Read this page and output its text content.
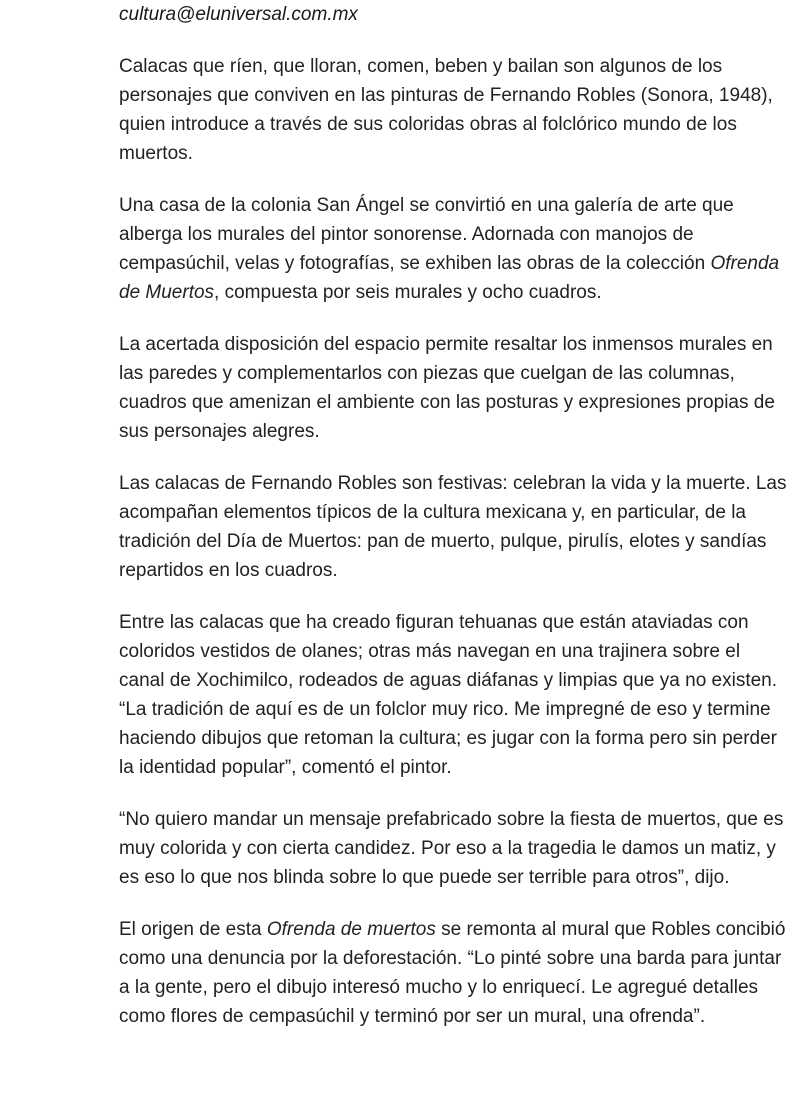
cultura@eluniversal.com.mx

Calacas que ríen, que lloran, comen, beben y bailan son algunos de los personajes que conviven en las pinturas de Fernando Robles (Sonora, 1948), quien introduce a través de sus coloridas obras al folclórico mundo de los muertos.

Una casa de la colonia San Ángel se convirtió en una galería de arte que alberga los murales del pintor sonorense. Adornada con manojos de cempasúchil, velas y fotografías, se exhiben las obras de la colección Ofrenda de Muertos, compuesta por seis murales y ocho cuadros.

La acertada disposición del espacio permite resaltar los inmensos murales en las paredes y complementarlos con piezas que cuelgan de las columnas, cuadros que amenizan el ambiente con las posturas y expresiones propias de sus personajes alegres.

Las calacas de Fernando Robles son festivas: celebran la vida y la muerte. Las acompañan elementos típicos de la cultura mexicana y, en particular, de la tradición del Día de Muertos: pan de muerto, pulque, pirulís, elotes y sandías repartidos en los cuadros.

Entre las calacas que ha creado figuran tehuanas que están ataviadas con coloridos vestidos de olanes; otras más navegan en una trajinera sobre el canal de Xochimilco, rodeados de aguas diáfanas y limpias que ya no existen. “La tradición de aquí es de un folclor muy rico. Me impregné de eso y termine haciendo dibujos que retoman la cultura; es jugar con la forma pero sin perder la identidad popular”, comentó el pintor.

“No quiero mandar un mensaje prefabricado sobre la fiesta de muertos, que es muy colorida y con cierta candidez. Por eso a la tragedia le damos un matiz, y es eso lo que nos blinda sobre lo que puede ser terrible para otros”, dijo.

El origen de esta Ofrenda de muertos se remonta al mural que Robles concibió como una denuncia por la deforestación. “Lo pinté sobre una barda para juntar a la gente, pero el dibujo interesó mucho y lo enriquecí. Le agregué detalles como flores de cempasúchil y terminó por ser un mural, una ofrenda”.
